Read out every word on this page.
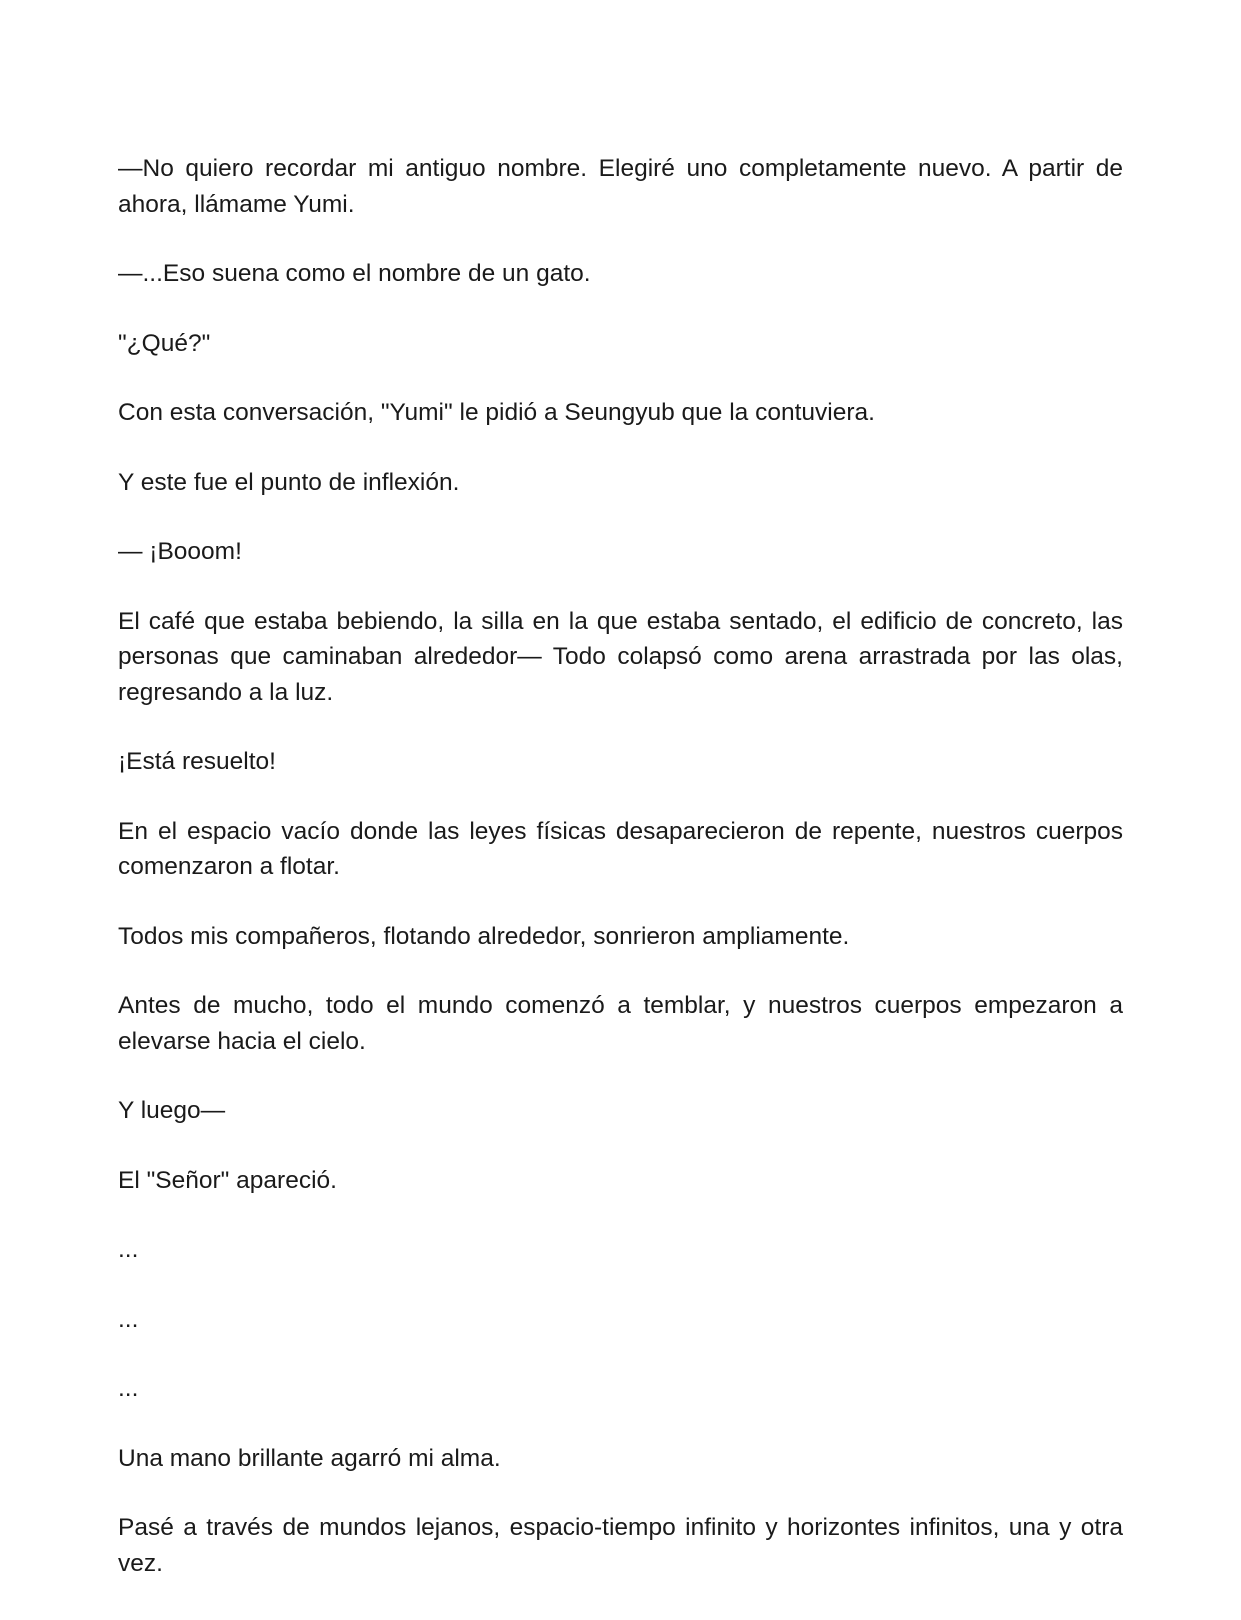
—No quiero recordar mi antiguo nombre. Elegiré uno completamente nuevo. A partir de ahora, llámame Yumi.

—...Eso suena como el nombre de un gato.

"¿Qué?"

Con esta conversación, "Yumi" le pidió a Seungyub que la contuviera.

Y este fue el punto de inflexión.

— ¡Booom!

El café que estaba bebiendo, la silla en la que estaba sentado, el edificio de concreto, las personas que caminaban alrededor— Todo colapsó como arena arrastrada por las olas, regresando a la luz.

¡Está resuelto!

En el espacio vacío donde las leyes físicas desaparecieron de repente, nuestros cuerpos comenzaron a flotar.

Todos mis compañeros, flotando alrededor, sonrieron ampliamente.

Antes de mucho, todo el mundo comenzó a temblar, y nuestros cuerpos empezaron a elevarse hacia el cielo.

Y luego—

El "Señor" apareció.

...

...

...

Una mano brillante agarró mi alma.

Pasé a través de mundos lejanos, espacio-tiempo infinito y horizontes infinitos, una y otra vez.
